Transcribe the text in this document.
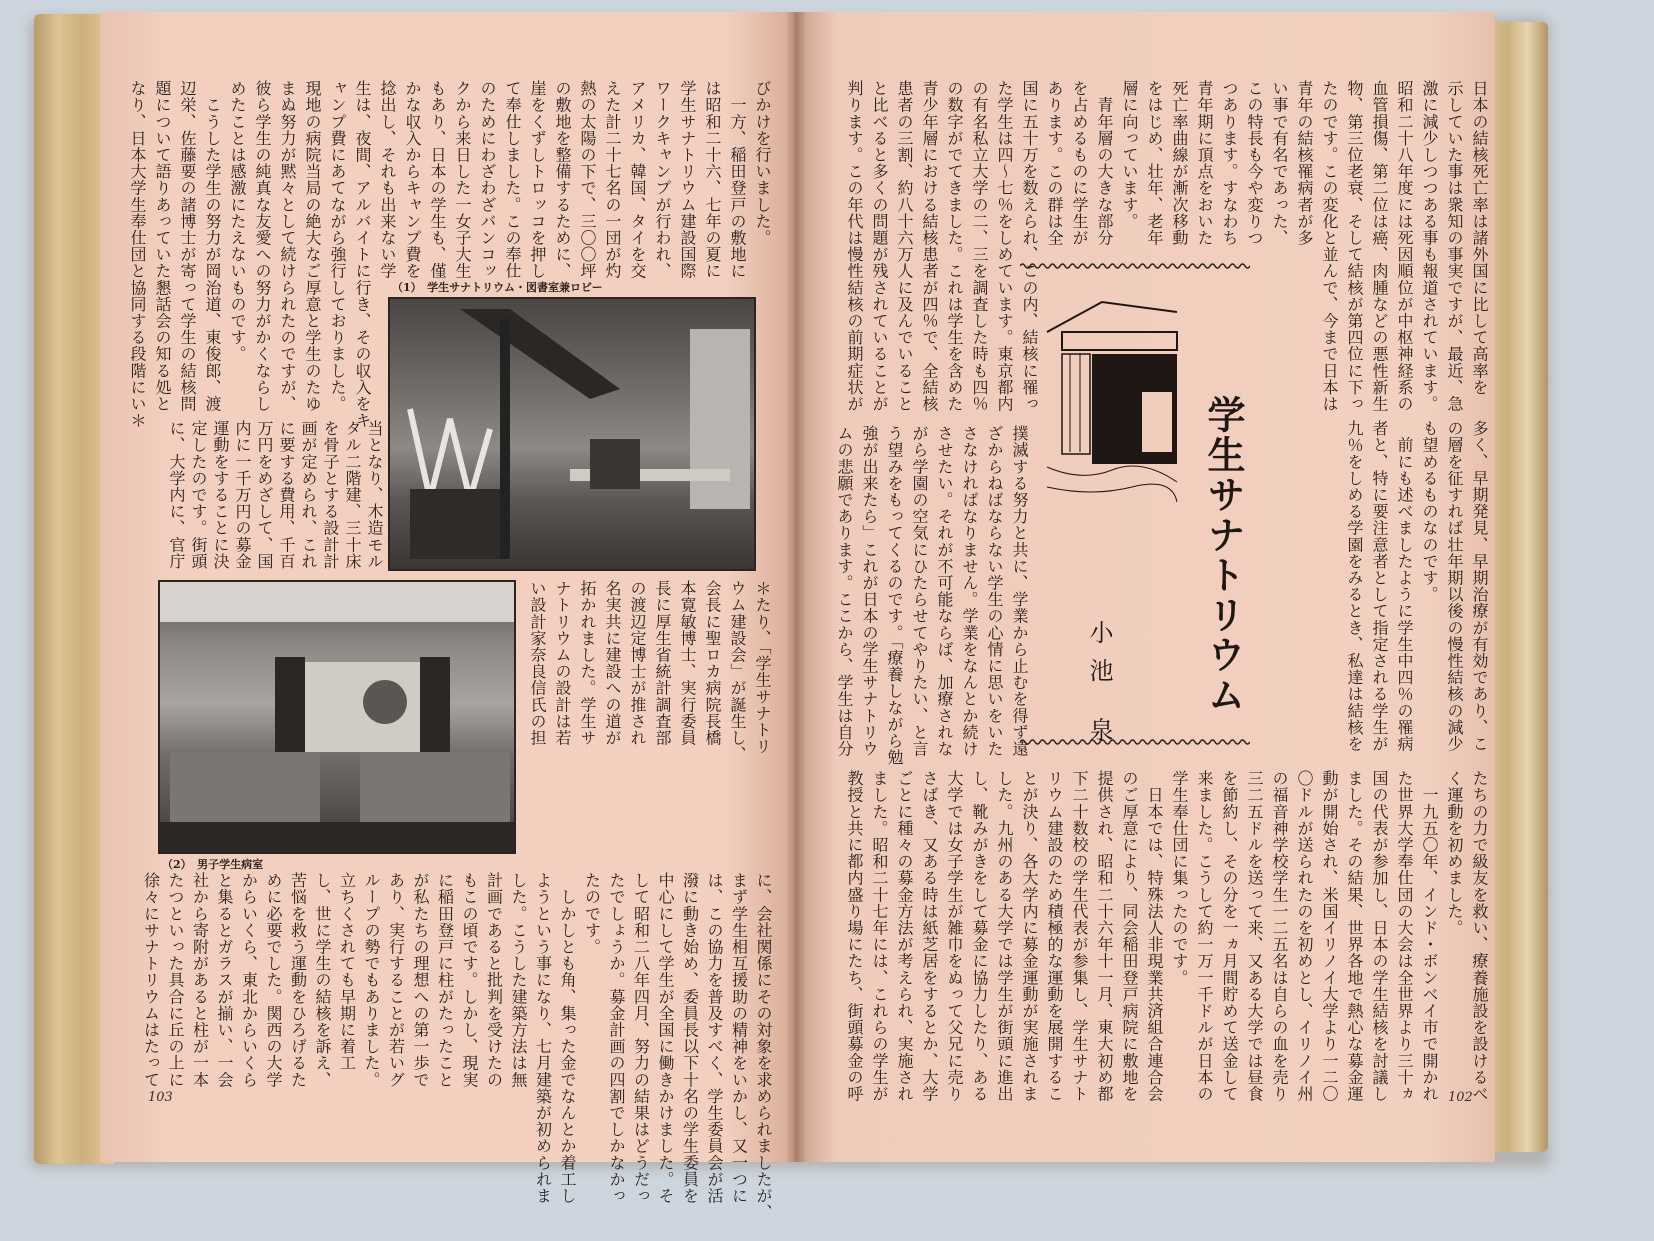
びかけを行いました。
　一方、稲田登戸の敷地に
は昭和二十六、七年の夏に
学生サナトリウム建設国際
ワークキャンプが行われ、
アメリカ、韓国、タイを交
えた計二十七名の一団が灼
熱の太陽の下で、三〇〇坪
の敷地を整備するために、
崖をくずしトロッコを押し
て奉仕しました。この奉仕
のためにわざわざバンコッ
クから来日した一女子大生
もあり、日本の学生も、僅
かな収入からキャンプ費を
捻出し、それも出来ない学
生は、夜間、アルバイトに行き、その収入をキ
ャンプ費にあてながら強行しておりました。
現地の病院当局の絶大なご厚意と学生のたゆ
まぬ努力が黙々として続けられたのですが、
彼ら学生の純真な友愛への努力がかくならし
めたことは感激にたえないものです。
　こうした学生の努力が岡治道、東俊郎、渡
辺栄、佐藤要の諸博士が寄って学生の結核問
題について語りあっていた懇話会の知る処と
なり、日本大学生奉仕団と協同する段階にい＊	（1）　学生サナトリウム・図書室兼ロビー
当となり、木造モル
タル二階建、三十床
を骨子とする設計計
画が定められ、これ
に要する費用、千百
万円をめざして、国
内に一千万円の募金
運動をすることに決
定したのです。街頭
に、大学内に、官庁
（2）　男子学生病室
＊たり、「学生サナトリ
ウム建設会」が誕生し、
会長に聖ロカ病院長橋
本寛敏博士、実行委員
長に厚生省統計調査部
の渡辺定博士が推され
名実共に建設への道が
拓かれました。学生サ
ナトリウムの設計は若
い設計家奈良信氏の担
に、会社関係にその対象を求められましたが、
まず学生相互援助の精神をいかし、又一つに
は、この協力を普及すべく、学生委員会が活
潑に動き始め、委員長以下十名の学生委員を
中心にして学生が全国に働きかけました。そ
して昭和二八年四月、努力の結果はどうだっ
たでしょうか。募金計画の四割でしかなかっ
たのです。
　しかしとも角、集った金でなんとか着工し
ようという事になり、七月建築が初められま
した。こうした建築方法は無
計画であると批判を受けたの
もこの頃です。しかし、現実
に稲田登戸に柱がたったこと
が私たちの理想への第一歩で
あり、実行することが若いグ
ループの勢でもありました。
立ちくされても早期に着工
し、世に学生の結核を訴え、
苦悩を救う運動をひろげるた
めに必要でした。関西の大学
からいくら、東北からいくら
と集るとガラスが揃い、一会
社から寄附があると柱が一本
たつといった具合に丘の上に
徐々にサナトリウムはたって
103
日本の結核死亡率は諸外国に比して高率を
示していた事は衆知の事実ですが、最近、急
激に減少しつつある事も報道されています。
昭和二十八年度には死因順位が中枢神経系の
血管損傷、第二位は癌、肉腫などの悪性新生
物、第三位老衰、そして結核が第四位に下っ
たのです。この変化と並んで、今まで日本は
青年の結核罹病者が多
い事で有名であった、
この特長も今や変りつ
つあります。すなわち
青年期に頂点をおいた
死亡率曲線が漸次移動
をはじめ、壮年、老年
層に向っています。
　青年層の大きな部分
を占めるものに学生が
あります。この群は全
国に五十万を数えられ、この内、結核に罹っ
た学生は四〜七％をしめています。東京都内
の有名私立大学の二、三を調査した時も四％
の数字がでてきました。これは学生を含めた
青少年層における結核患者が四％で、全結核
患者の三割、約八十六万人に及んでいること
と比べると多くの問題が残されていることが
判ります。この年代は慢性結核の前期症状が
学生サナトリウム
小池 泉	多く、早期発見、早期治療が有効であり、こ
の層を征すれば壮年期以後の慢性結核の減少
も望めるものなのです。
　前にも述べましたように学生中四％の罹病
者と、特に要注意者として指定される学生が
九％をしめる学園をみるとき、私達は結核を
撲滅する努力と共に、学業から止むを得ず遠
ざからねばならない学生の心情に思いをいた
さなければなりません。学業をなんとか続け
させたい。それが不可能ならば、加療されな
がら学園の空気にひたらせてやりたい、と言
う望みをもってくるのです。「療養しながら勉
強が出来たら」これが日本の学生サナトリウ
ムの悲願であります。ここから、学生は自分
たちの力で級友を救い、療養施設を設けるべ
く運動を初めました。
　一九五〇年、インド・ボンベイ市で開かれ
た世界大学奉仕団の大会は全世界より三十ヵ
国の代表が参加し、日本の学生結核を討議し
ました。その結果、世界各地で熱心な募金運
動が開始され、米国イリノイ大学より一二〇
〇ドルが送られたのを初めとし、イリノイ州
の福音神学校学生一二五名は自らの血を売り
三二五ドルを送って来、又ある大学では昼食
を節約し、その分を一ヵ月間貯めて送金して
来ました。こうして約一万一千ドルが日本の
学生奉仕団に集ったのです。
　日本では、特殊法人非現業共済組合連合会
のご厚意により、同会稲田登戸病院に敷地を
提供され、昭和二十六年十一月、東大初め都
下二十数校の学生代表が参集し、学生サナト
リウム建設のため積極的な運動を展開するこ
とが決り、各大学内に募金運動が実施されま
した。九州のある大学では学生が街頭に進出
し、靴みがきをして募金に協力したり、ある
大学では女子学生が雑巾をぬって父兄に売り
さばき、又ある時は紙芝居をするとか、大学
ごとに種々の募金方法が考えられ、実施され
ました。昭和二十七年には、これらの学生が
教授と共に都内盛り場にたち、街頭募金の呼	102
